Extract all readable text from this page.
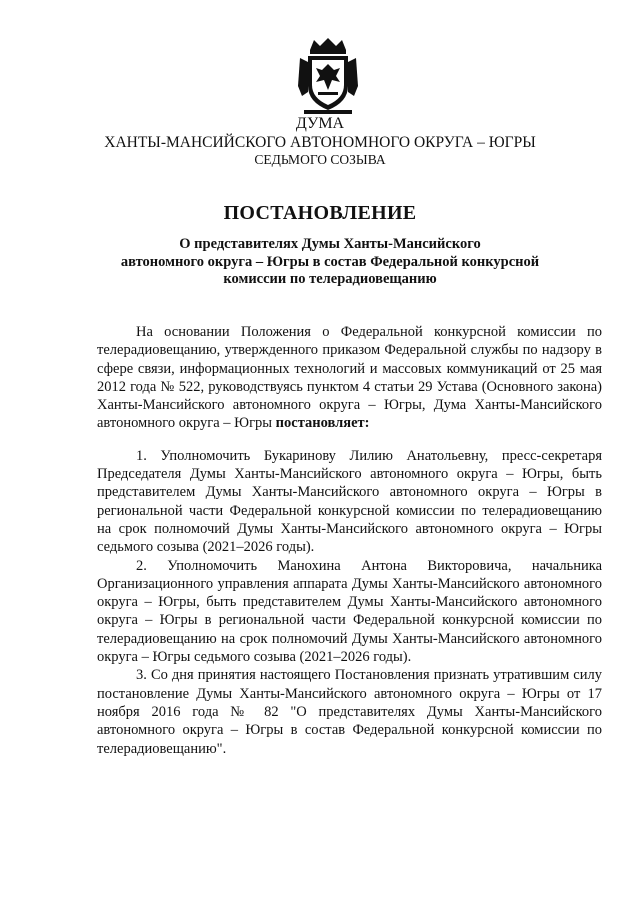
ДУМА
ХАНТЫ-МАНСИЙСКОГО АВТОНОМНОГО ОКРУГА – ЮГРЫ
СЕДЬМОГО СОЗЫВА
ПОСТАНОВЛЕНИЕ
О представителях Думы Ханты-Мансийского
автономного округа – Югры в состав Федеральной конкурсной
комиссии по телерадиовещанию

На основании Положения о Федеральной конкурсной комиссии по телерадиовещанию, утвержденного приказом Федеральной службы по надзору в сфере связи, информационных технологий и массовых коммуникаций от 25 мая 2012 года № 522, руководствуясь пунктом 4 статьи 29 Устава (Основного закона) Ханты-Мансийского автономного округа – Югры, Дума Ханты-Мансийского автономного округа – Югры постановляет:

1. Уполномочить Букаринову Лилию Анатольевну, пресс-секретаря Председателя Думы Ханты-Мансийского автономного округа – Югры, быть представителем Думы Ханты-Мансийского автономного округа – Югры в региональной части Федеральной конкурсной комиссии по телерадиовещанию на срок полномочий Думы Ханты-Мансийского автономного округа – Югры седьмого созыва (2021–2026 годы).

2. Уполномочить Манохина Антона Викторовича, начальника Организационного управления аппарата Думы Ханты-Мансийского автономного округа – Югры, быть представителем Думы Ханты-Мансийского автономного округа – Югры в региональной части Федеральной конкурсной комиссии по телерадиовещанию на срок полномочий Думы Ханты-Мансийского автономного округа – Югры седьмого созыва (2021–2026 годы).

3. Со дня принятия настоящего Постановления признать утратившим силу постановление Думы Ханты-Мансийского автономного округа – Югры от 17 ноября 2016 года № 82 "О представителях Думы Ханты-Мансийского автономного округа – Югры в состав Федеральной конкурсной комиссии по телерадиовещанию".
